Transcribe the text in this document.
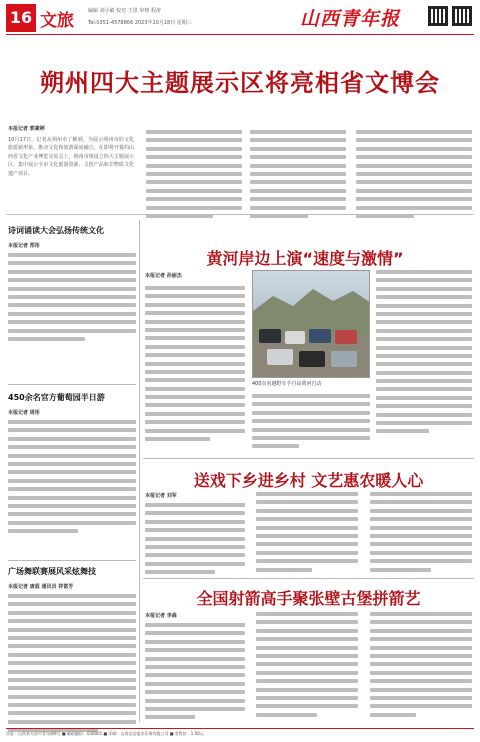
16 文旅	编辑 刘小敏 校对 王恩 审核 程涛
Tel:0351-4578866 2023年10月18日 星期三	山西青年报
朔州四大主题展示区将亮相省文博会
本报记者 郭素婷
10月17日，记者从朔州市了解到，为展示朔州市的文化旅游新形象，推动文化和旅游深度融合，在即将开幕的山西省文化产业博览交易会上，朔州市将设立四大主题展示区，集中展示全市文化旅游资源、文创产品和非物质文化遗产项目。
诗词诵读大会弘扬传统文化
本报记者 郑彤
450余名官方葡萄园半日游
本报记者 周彤
广场舞联赛展风采炫舞技
本报记者 唐蓝 通讯员 祥雷芳
黄河岸边上演“速度与激情”
本报记者 孙丽杰
400余名越野车手自由黄河自动
送戏下乡进乡村 文艺惠农暖人心
本报记者 刘军
全国射箭高手聚张壁古堡拼箭艺
本报记者 李森
社址：山西省太原市青年路9号 ■ 邮政编码：030001 ■ 印刷：山西达信报业印务有限公司 ■ 零售价：1.50元
